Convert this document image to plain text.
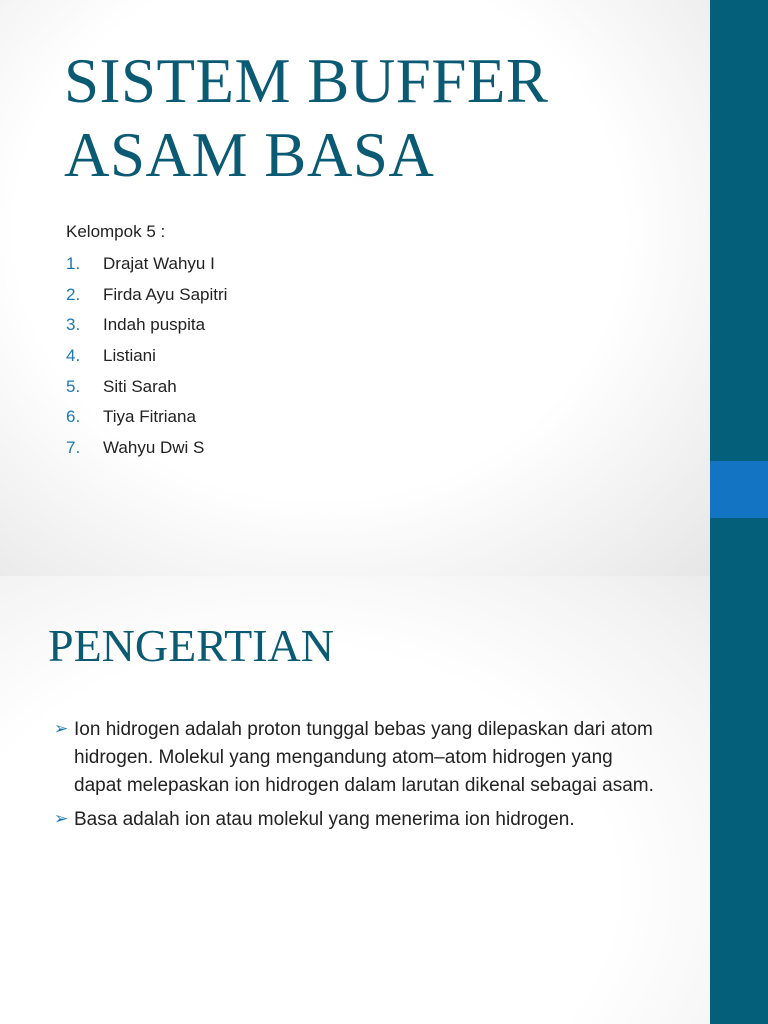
SISTEM BUFFER
ASAM BASA
Kelompok 5 :
1.	Drajat Wahyu I
2.	Firda Ayu Sapitri
3.	Indah puspita
4.	Listiani
5.	Siti Sarah
6.	Tiya Fitriana
7.	Wahyu Dwi S
PENGERTIAN
➢ Ion hidrogen adalah proton tunggal bebas yang dilepaskan dari atom hidrogen. Molekul yang mengandung atom–atom hidrogen yang dapat melepaskan ion hidrogen dalam larutan dikenal sebagai asam.
➢ Basa adalah ion atau molekul yang menerima ion hidrogen.
